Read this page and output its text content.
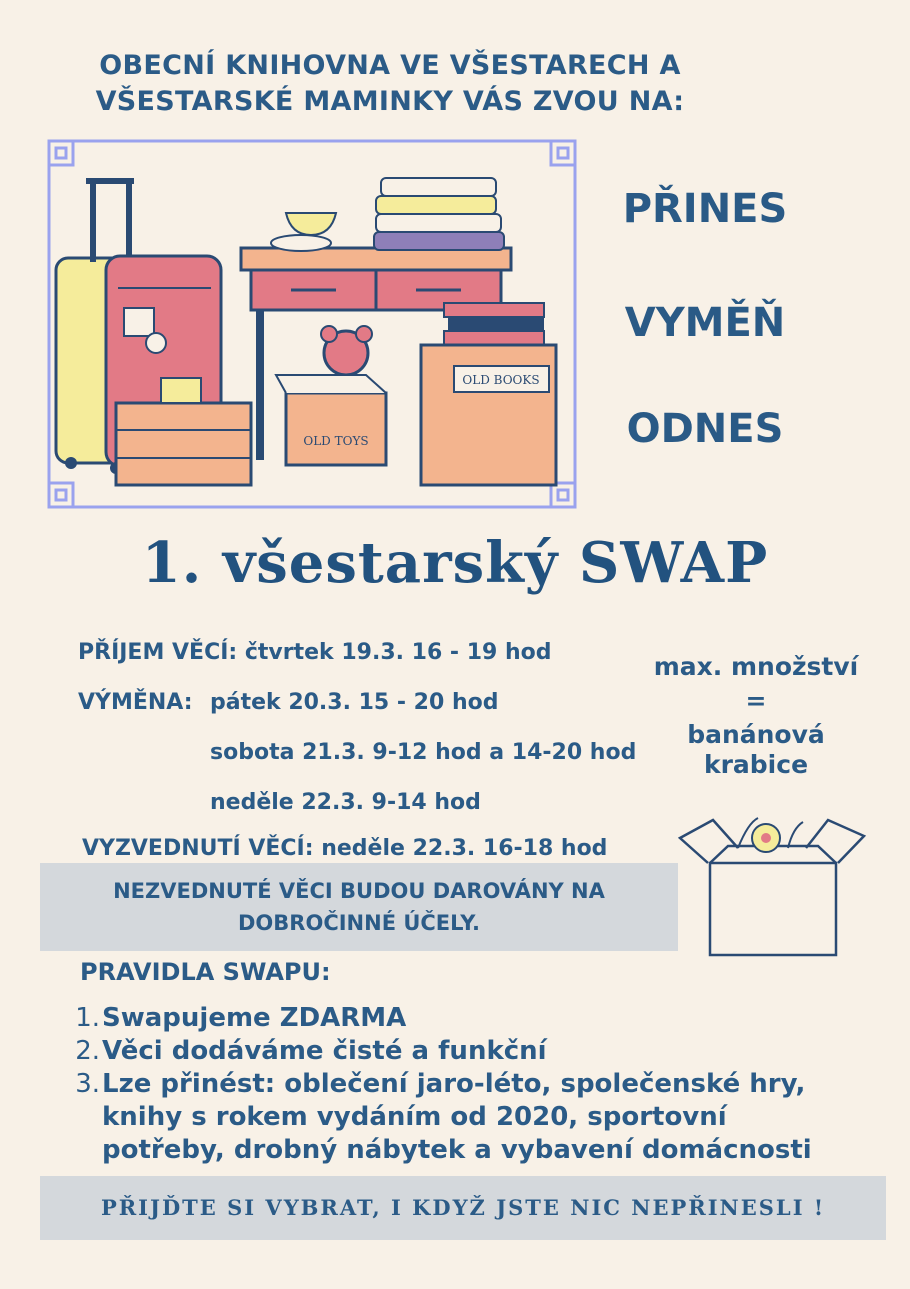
OBECNÍ KNIHOVNA VE VŠESTARECH A
VŠESTARSKÉ MAMINKY VÁS ZVOU NA:
OLD TOYS
OLD BOOKS
PŘINES
VYMĚŇ
ODNES
1. všestarský SWAP
PŘÍJEM VĚCÍ: čtvrtek 19.3. 16 - 19 hod
VÝMĚNA: pátek 20.3. 15 - 20 hod
sobota 21.3. 9-12 hod a 14-20 hod
neděle 22.3. 9-14 hod
VYZVEDNUTÍ VĚCÍ: neděle 22.3. 16-18 hod
max. množství
=
banánová
krabice
NEZVEDNUTÉ VĚCI BUDOU DAROVÁNY NA
DOBROČINNÉ ÚČELY.
PRAVIDLA SWAPU:
1. Swapujeme ZDARMA
2. Věci dodáváme čisté a funkční
3. Lze přinést: oblečení jaro-léto, společenské hry,
knihy s rokem vydáním od 2020, sportovní
potřeby, drobný nábytek a vybavení domácnosti
PŘIJĎTE SI VYBRAT, I KDYŽ JSTE NIC NEPŘINESLI !
